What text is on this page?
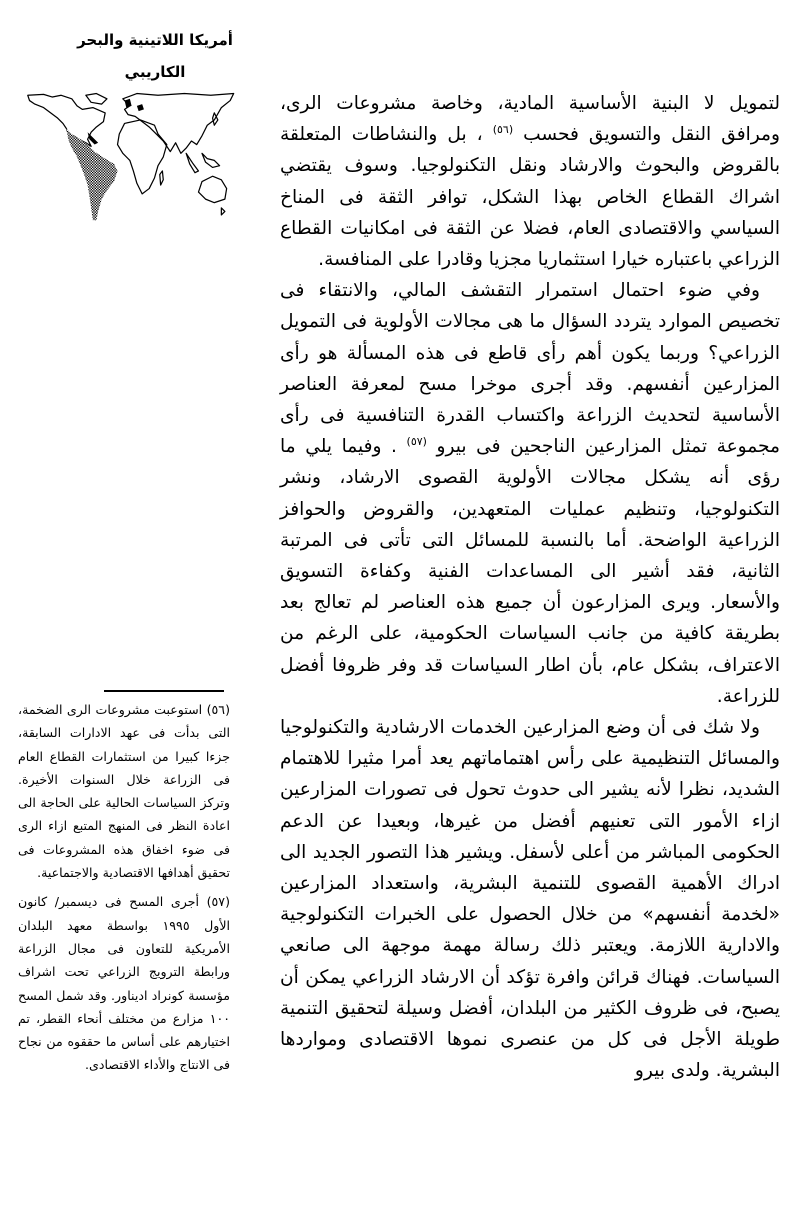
أمريكا اللاتينية والبحر
الكاريبي

(٥٦) استوعبت مشروعات الرى الضخمة، التى بدأت فى عهد الادارات السابقة، جزءا كبيرا من استثمارات القطاع العام فى الزراعة خلال السنوات الأخيرة. وتركز السياسات الحالية على الحاجة الى اعادة النظر فى المنهج المتبع ازاء الرى فى ضوء اخفاق هذه المشروعات فى تحقيق أهدافها الاقتصادية والاجتماعية.

(٥٧) أجرى المسح فى ديسمبر/ كانون الأول ١٩٩٥ بواسطة معهد البلدان الأمريكية للتعاون فى مجال الزراعة ورابطة الترويج الزراعي تحت اشراف مؤسسة كونراد اديناور. وقد شمل المسح ١٠٠ مزارع من مختلف أنحاء القطر، تم اختيارهم على أساس ما حققوه من نجاح فى الانتاج والأداء الاقتصادى.

لتمويل لا البنية الأساسية المادية، وخاصة مشروعات الرى، ومرافق النقل والتسويق فحسب $^{(٥٦)}$ ، بل والنشاطات المتعلقة بالقروض والبحوث والارشاد ونقل التكنولوجيا. وسوف يقتضي اشراك القطاع الخاص بهذا الشكل، توافر الثقة فى المناخ السياسي والاقتصادى العام، فضلا عن الثقة فى امكانيات القطاع الزراعي باعتباره خيارا استثماريا مجزيا وقادرا على المنافسة.

وفي ضوء احتمال استمرار التقشف المالي، والانتقاء فى تخصيص الموارد يتردد السؤال ما هى مجالات الأولوية فى التمويل الزراعي؟ وربما يكون أهم رأى قاطع فى هذه المسألة هو رأى المزارعين أنفسهم. وقد أجرى موخرا مسح لمعرفة العناصر الأساسية لتحديث الزراعة واكتساب القدرة التنافسية فى رأى مجموعة تمثل المزارعين الناجحين فى بيرو $^{(٥٧)}$ . وفيما يلي ما رؤى أنه يشكل مجالات الأولوية القصوى الارشاد، ونشر التكنولوجيا، وتنظيم عمليات المتعهدين، والقروض والحوافز الزراعية الواضحة. أما بالنسبة للمسائل التى تأتى فى المرتبة الثانية، فقد أشير الى المساعدات الفنية وكفاءة التسويق والأسعار. ويرى المزارعون أن جميع هذه العناصر لم تعالج بعد بطريقة كافية من جانب السياسات الحكومية، على الرغم من الاعتراف، بشكل عام، بأن اطار السياسات قد وفر ظروفا أفضل للزراعة.

ولا شك فى أن وضع المزارعين الخدمات الارشادية والتكنولوجيا والمسائل التنظيمية على رأس اهتماماتهم يعد أمرا مثيرا للاهتمام الشديد، نظرا لأنه يشير الى حدوث تحول فى تصورات المزارعين ازاء الأمور التى تعنيهم أفضل من غيرها، وبعيدا عن الدعم الحكومى المباشر من أعلى لأسفل. ويشير هذا التصور الجديد الى ادراك الأهمية القصوى للتنمية البشرية، واستعداد المزارعين «لخدمة أنفسهم» من خلال الحصول على الخبرات التكنولوجية والادارية اللازمة. ويعتبر ذلك رسالة مهمة موجهة الى صانعي السياسات. فهناك قرائن وافرة تؤكد أن الارشاد الزراعي يمكن أن يصبح، فى ظروف الكثير من البلدان، أفضل وسيلة لتحقيق التنمية طويلة الأجل فى كل من عنصرى نموها الاقتصادى ومواردها البشرية. ولدى بيرو
